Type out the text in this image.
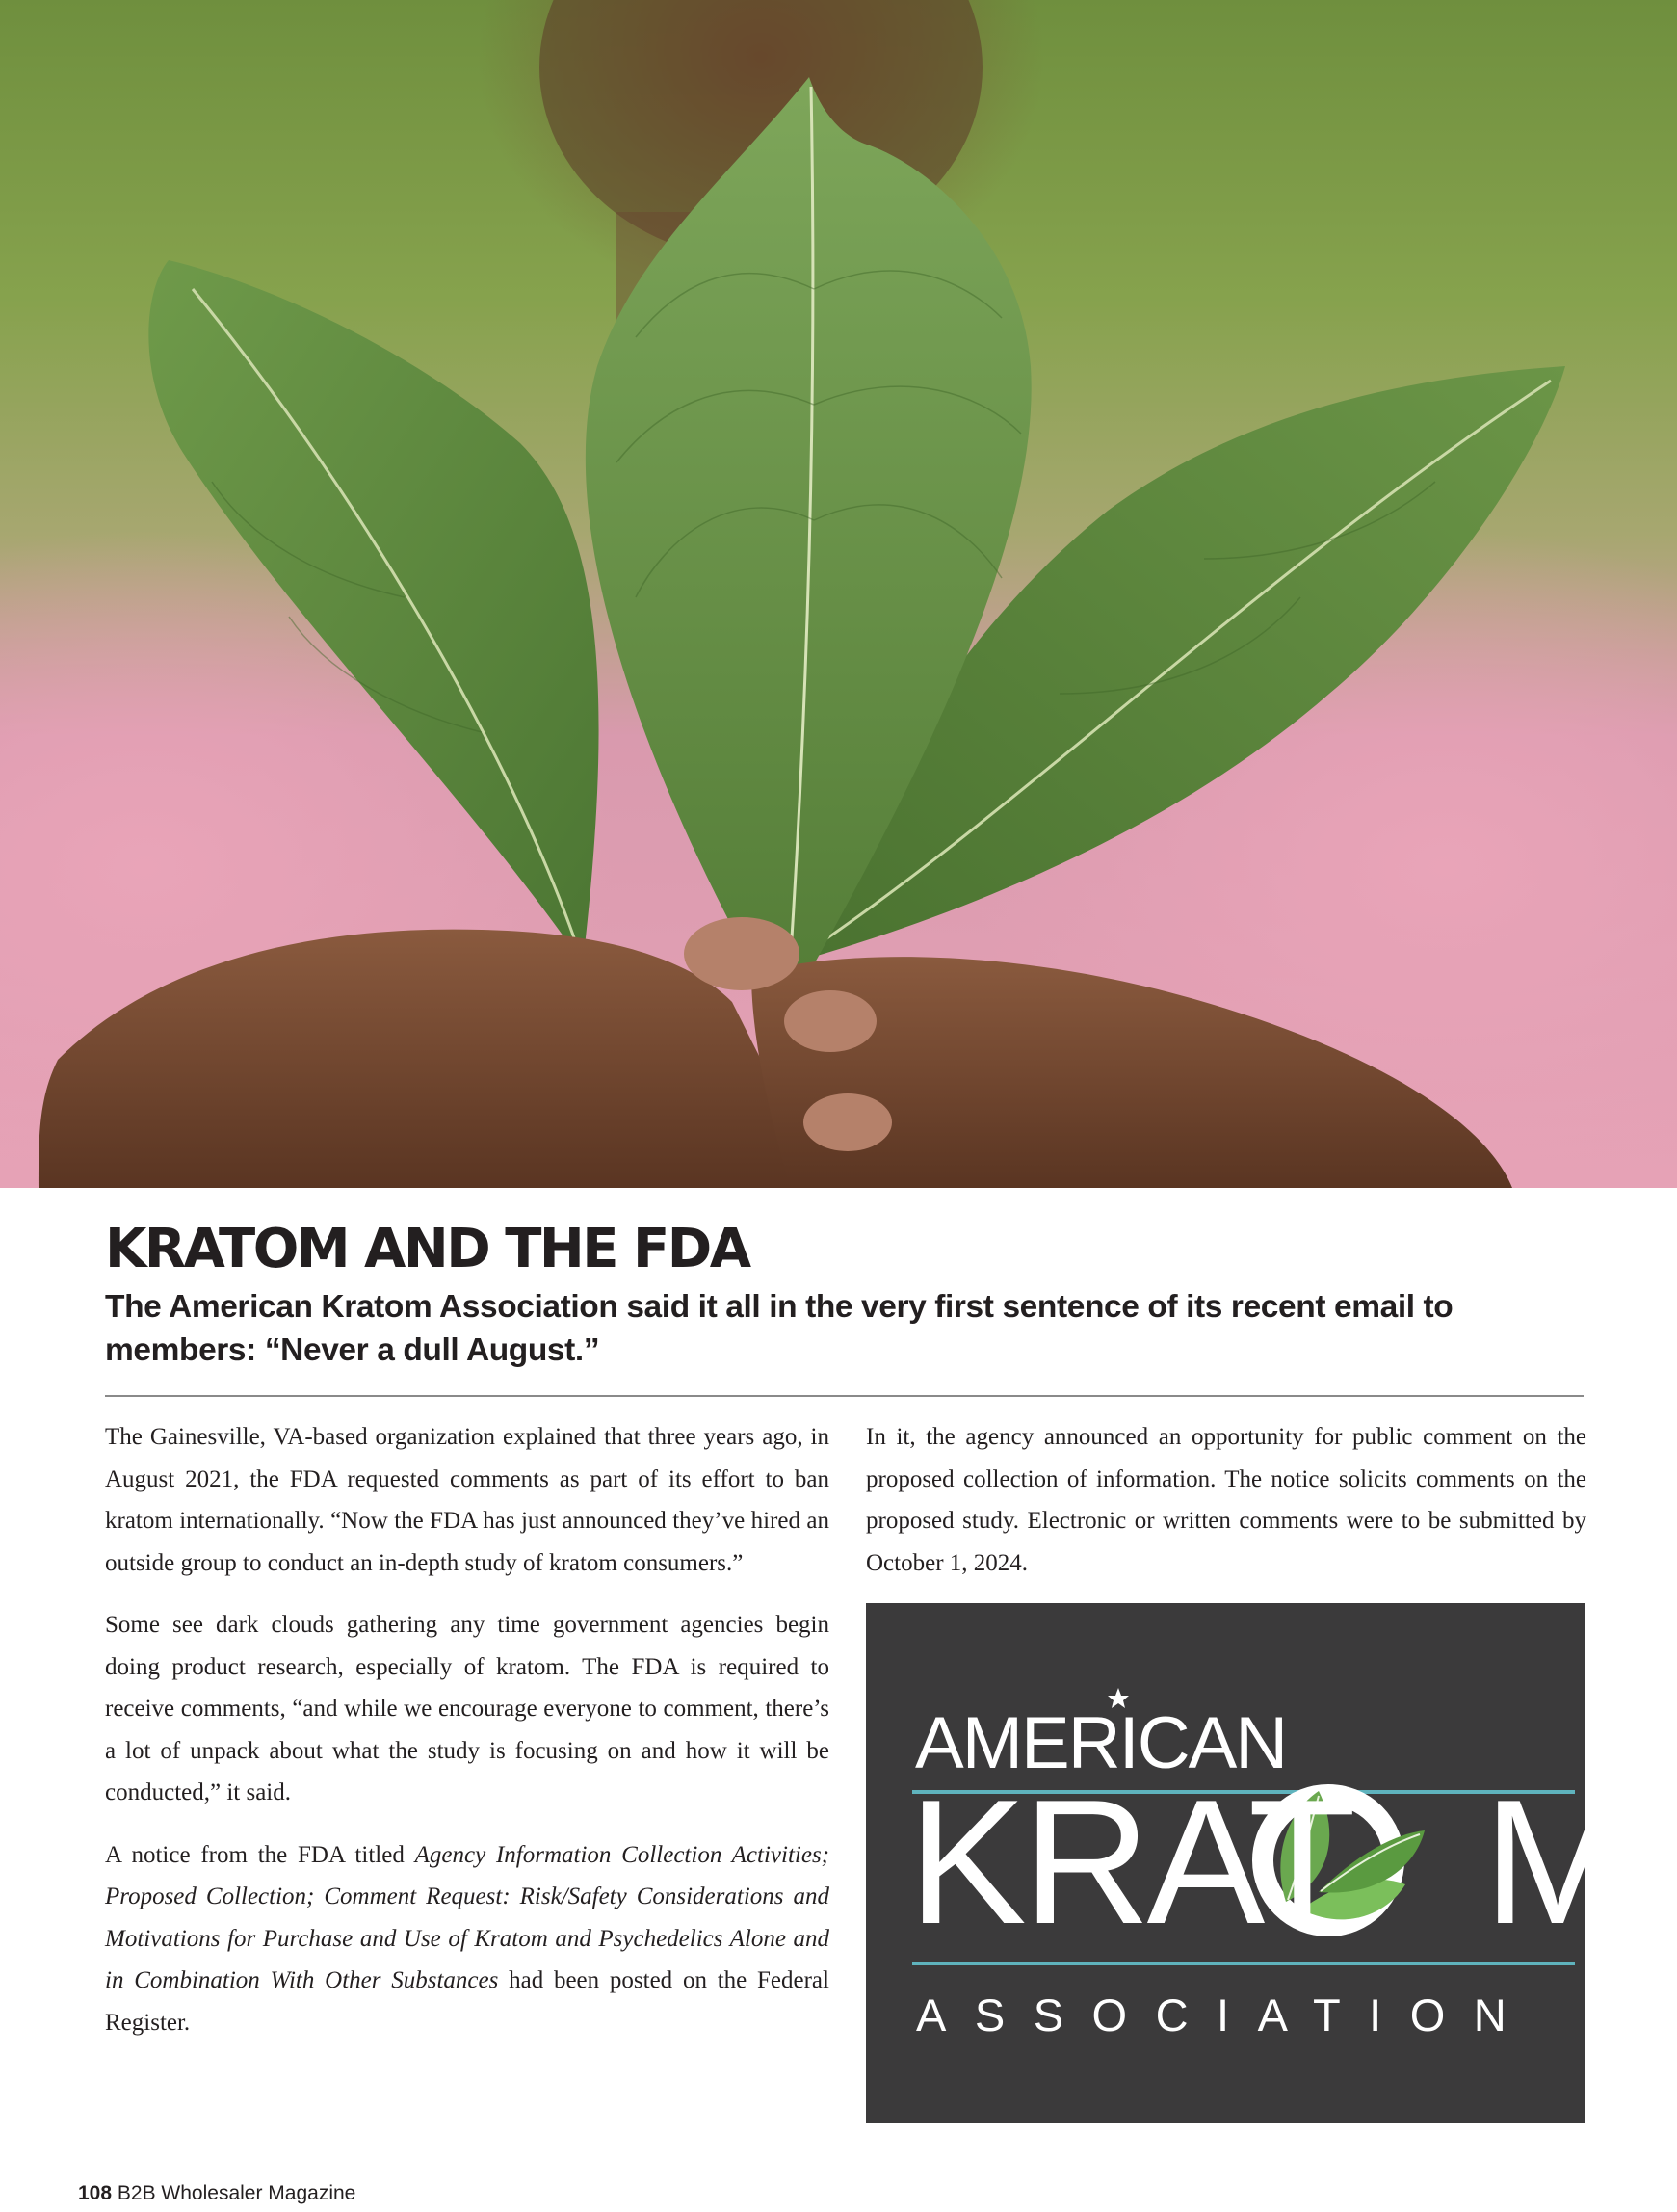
KRATOM AND THE FDA
The American Kratom Association said it all in the very first sentence of its recent email to members: “Never a dull August.”

The Gainesville, VA-based organization explained that three years ago, in August 2021, the FDA requested comments as part of its effort to ban kratom internationally. “Now the FDA has just announced they’ve hired an outside group to conduct an in-depth study of kratom consumers.”

Some see dark clouds gathering any time government agencies begin doing product research, especially of kratom. The FDA is required to receive comments, “and while we encourage everyone to comment, there’s a lot of unpack about what the study is focusing on and how it will be conducted,” it said.

A notice from the FDA titled Agency Information Collection Activities; Proposed Collection; Comment Request: Risk/Safety Considerations and Motivations for Purchase and Use of Kratom and Psychedelics Alone and in Combination With Other Substances had been posted on the Federal Register.

In it, the agency announced an opportunity for public comment on the proposed collection of information. The notice solicits comments on the proposed study. Electronic or written comments were to be submitted by October 1, 2024.

AMERICAN
KRAT M
ASSOCIATION
108 B2B Wholesaler Magazine
